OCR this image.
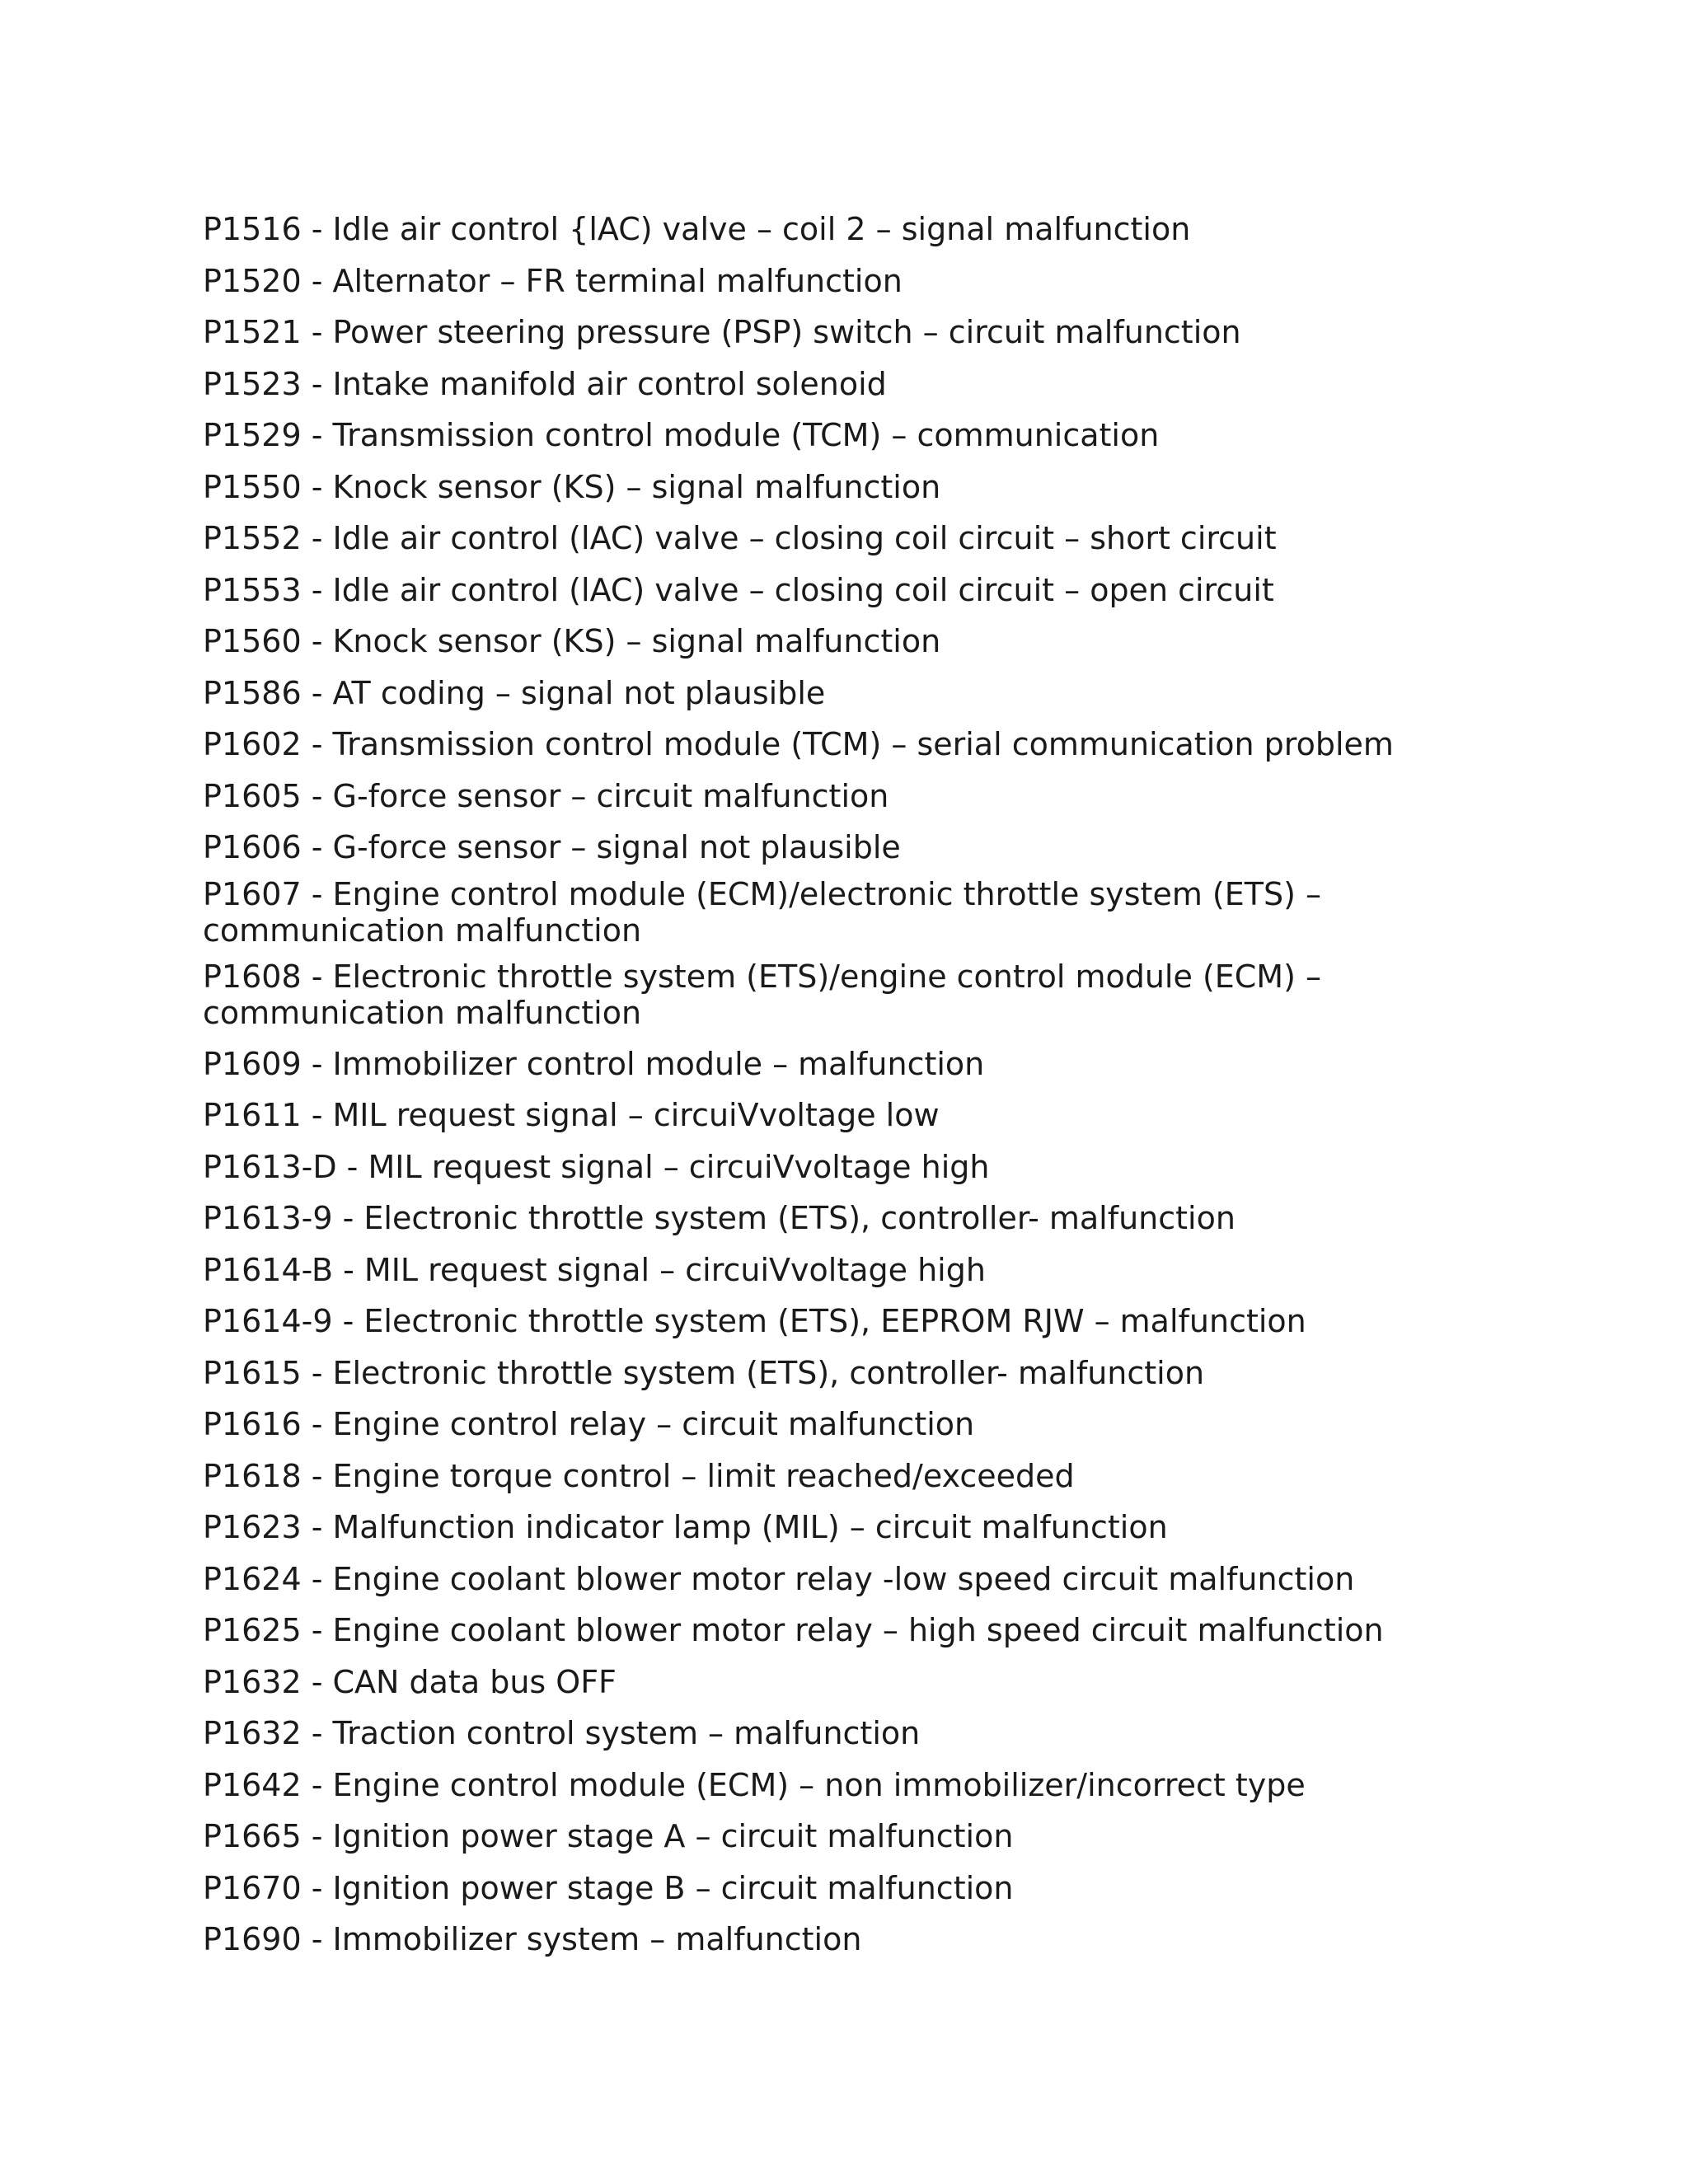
P1516 - Idle air control {lAC) valve – coil 2 – signal malfunction
P1520 - Alternator – FR terminal malfunction
P1521 - Power steering pressure (PSP) switch – circuit malfunction
P1523 - Intake manifold air control solenoid
P1529 - Transmission control module (TCM) – communication
P1550 - Knock sensor (KS) – signal malfunction
P1552 - Idle air control (lAC) valve – closing coil circuit – short circuit
P1553 - Idle air control (lAC) valve – closing coil circuit – open circuit
P1560 - Knock sensor (KS) – signal malfunction
P1586 - AT coding – signal not plausible
P1602 - Transmission control module (TCM) – serial communication problem
P1605 - G-force sensor – circuit malfunction
P1606 - G-force sensor – signal not plausible
P1607 - Engine control module (ECM)/electronic throttle system (ETS) – communication malfunction
P1608 - Electronic throttle system (ETS)/engine control module (ECM) – communication malfunction
P1609 - Immobilizer control module – malfunction
P1611 - MIL request signal – circuiVvoltage low
P1613-D - MIL request signal – circuiVvoltage high
P1613-9 - Electronic throttle system (ETS), controller- malfunction
P1614-B - MIL request signal – circuiVvoltage high
P1614-9 - Electronic throttle system (ETS), EEPROM RJW – malfunction
P1615 - Electronic throttle system (ETS), controller- malfunction
P1616 - Engine control relay – circuit malfunction
P1618 - Engine torque control – limit reached/exceeded
P1623 - Malfunction indicator lamp (MIL) – circuit malfunction
P1624 - Engine coolant blower motor relay -low speed circuit malfunction
P1625 - Engine coolant blower motor relay – high speed circuit malfunction
P1632 - CAN data bus OFF
P1632 - Traction control system – malfunction
P1642 - Engine control module (ECM) – non immobilizer/incorrect type
P1665 - Ignition power stage A – circuit malfunction
P1670 - Ignition power stage B – circuit malfunction
P1690 - Immobilizer system – malfunction
